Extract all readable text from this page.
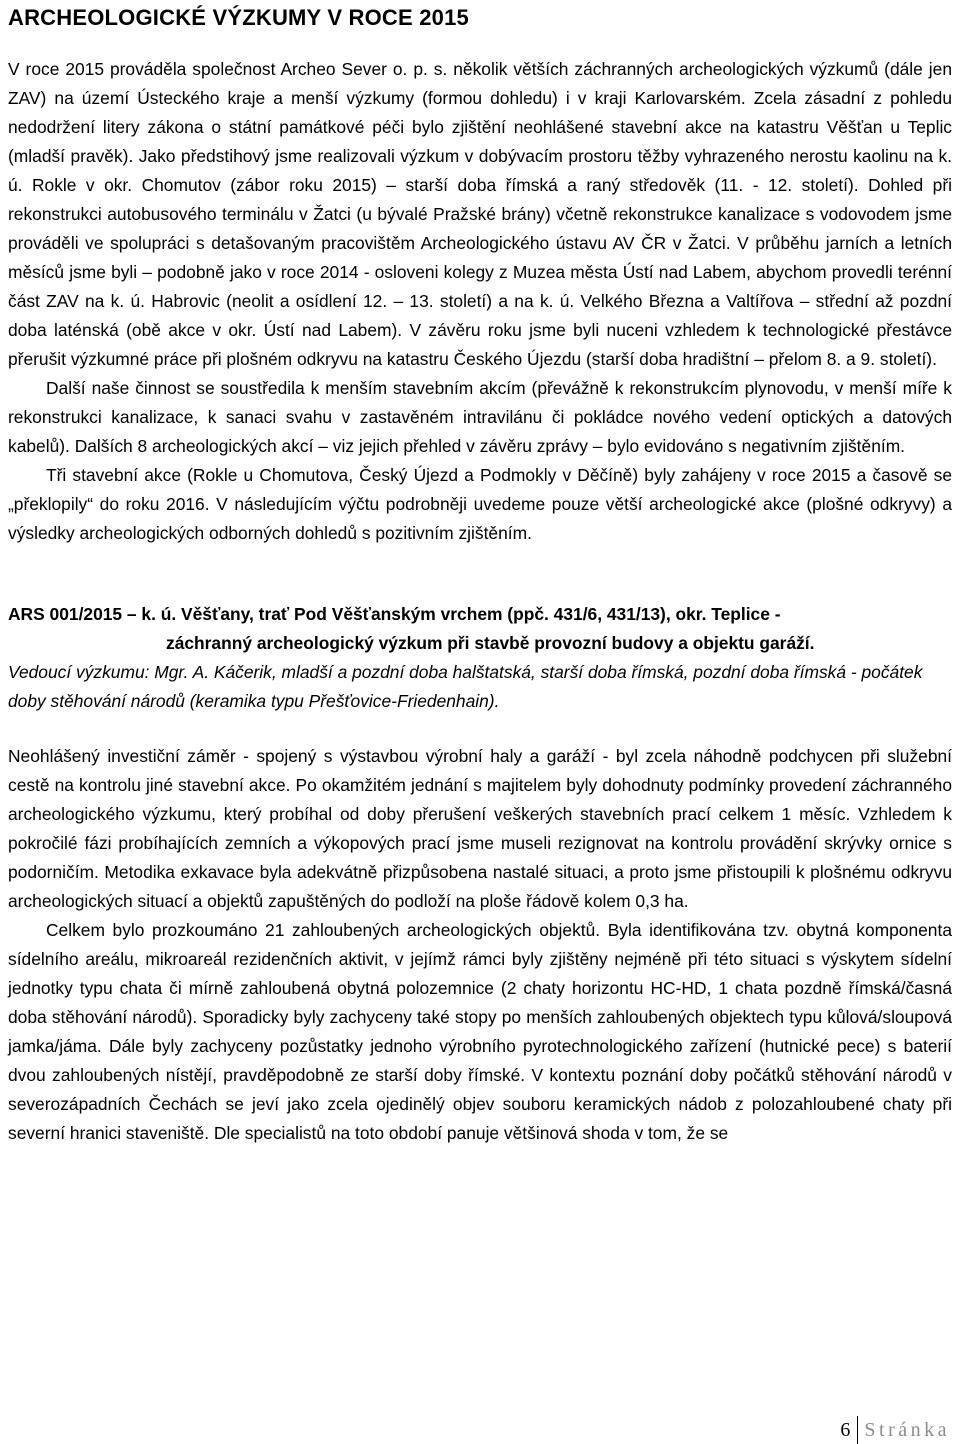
ARCHEOLOGICKÉ VÝZKUMY V ROCE 2015

V roce 2015 prováděla společnost Archeo Sever o. p. s. několik větších záchranných archeologických výzkumů (dále jen ZAV) na území Ústeckého kraje a menší výzkumy (formou dohledu) i v kraji Karlovarském. Zcela zásadní z pohledu nedodržení litery zákona o státní památkové péči bylo zjištění neohlášené stavební akce na katastru Věšťan u Teplic (mladší pravěk). Jako předstihový jsme realizovali výzkum v dobývacím prostoru těžby vyhrazeného nerostu kaolinu na k. ú. Rokle v okr. Chomutov (zábor roku 2015) – starší doba římská a raný středověk (11. - 12. století). Dohled při rekonstrukci autobusového terminálu v Žatci (u bývalé Pražské brány) včetně rekonstrukce kanalizace s vodovodem jsme prováděli ve spolupráci s detašovaným pracovištěm Archeologického ústavu AV ČR v Žatci. V průběhu jarních a letních měsíců jsme byli – podobně jako v roce 2014 - osloveni kolegy z Muzea města Ústí nad Labem, abychom provedli terénní část ZAV na k. ú. Habrovic (neolit a osídlení 12. – 13. století) a na k. ú. Velkého Března a Valtířova – střední až pozdní doba laténská (obě akce v okr. Ústí nad Labem). V závěru roku jsme byli nuceni vzhledem k technologické přestávce přerušit výzkumné práce při plošném odkryvu na katastru Českého Újezdu (starší doba hradištní – přelom 8. a 9. století).

Další naše činnost se soustředila k menším stavebním akcím (převážně k rekonstrukcím plynovodu, v menší míře k rekonstrukci kanalizace, k sanaci svahu v zastavěném intravilánu či pokládce nového vedení optických a datových kabelů). Dalších 8 archeologických akcí – viz jejich přehled v závěru zprávy – bylo evidováno s negativním zjištěním.

Tři stavební akce (Rokle u Chomutova, Český Újezd a Podmokly v Děčíně) byly zahájeny v roce 2015 a časově se „překlopily“ do roku 2016. V následujícím výčtu podrobněji uvedeme pouze větší archeologické akce (plošné odkryvy) a výsledky archeologických odborných dohledů s pozitivním zjištěním.

ARS 001/2015 – k. ú. Věšťany, trať Pod Věšťanským vrchem (ppč. 431/6, 431/13), okr. Teplice -
záchranný archeologický výzkum při stavbě provozní budovy a objektu garáží.

Vedoucí výzkumu: Mgr. A. Káčerik, mladší a pozdní doba halštatská, starší doba římská, pozdní doba římská - počátek doby stěhování národů (keramika typu Přešťovice-Friedenhain).

Neohlášený investiční záměr - spojený s výstavbou výrobní haly a garáží - byl zcela náhodně podchycen při služební cestě na kontrolu jiné stavební akce. Po okamžitém jednání s majitelem byly dohodnuty podmínky provedení záchranného archeologického výzkumu, který probíhal od doby přerušení veškerých stavebních prací celkem 1 měsíc. Vzhledem k pokročilé fázi probíhajících zemních a výkopových prací jsme museli rezignovat na kontrolu provádění skrývky ornice s podorničím. Metodika exkavace byla adekvátně přizpůsobena nastalé situaci, a proto jsme přistoupili k plošnému odkryvu archeologických situací a objektů zapuštěných do podloží na ploše řádově kolem 0,3 ha.

Celkem bylo prozkoumáno 21 zahloubených archeologických objektů. Byla identifikována tzv. obytná komponenta sídelního areálu, mikroareál rezidenčních aktivit, v jejímž rámci byly zjištěny nejméně při této situaci s výskytem sídelní jednotky typu chata či mírně zahloubená obytná polozemnice (2 chaty horizontu HC-HD, 1 chata pozdně římská/časná doba stěhování národů). Sporadicky byly zachyceny také stopy po menších zahloubených objektech typu kůlová/sloupová jamka/jáma. Dále byly zachyceny pozůstatky jednoho výrobního pyrotechnologického zařízení (hutnické pece) s baterií dvou zahloubených nístějí, pravděpodobně ze starší doby římské. V kontextu poznání doby počátků stěhování národů v severozápadních Čechách se jeví jako zcela ojedinělý objev souboru keramických nádob z polozahloubené chaty při severní hranici staveniště. Dle specialistů na toto období panuje většinová shoda v tom, že se

6 Stránka
